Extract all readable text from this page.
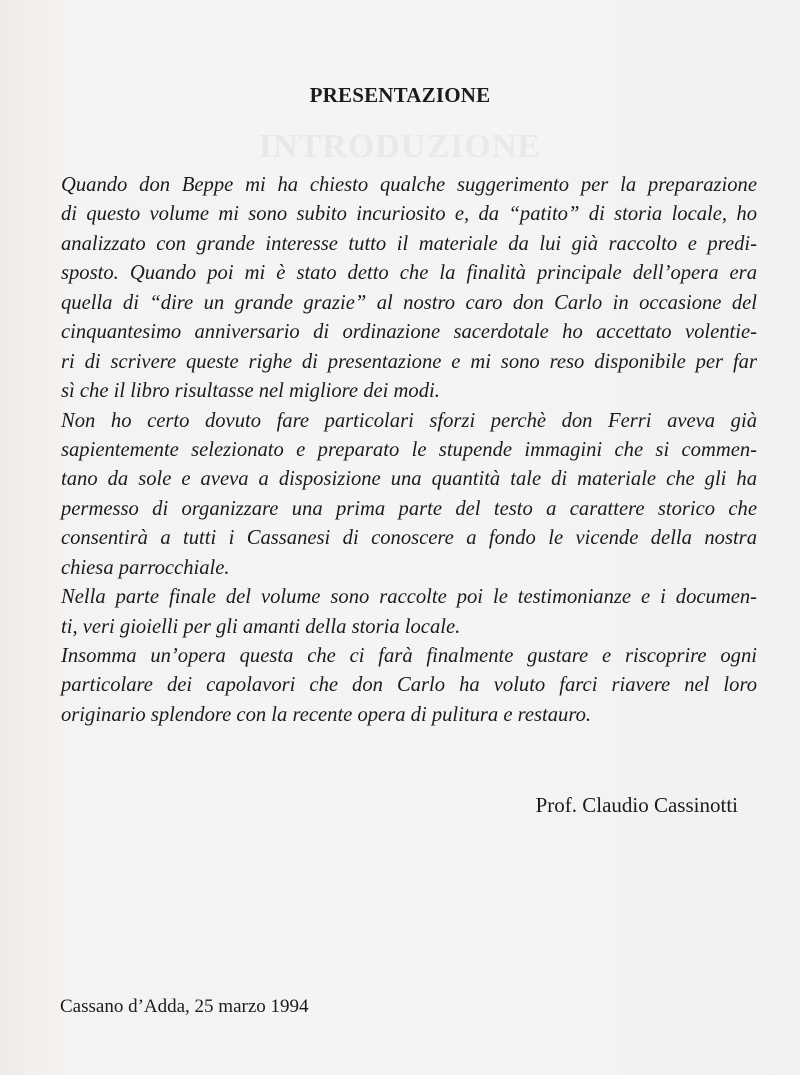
PRESENTAZIONE
Quando don Beppe mi ha chiesto qualche suggerimento per la preparazione
di questo volume mi sono subito incuriosito e, da “patito” di storia locale, ho
analizzato con grande interesse tutto il materiale da lui già raccolto e predi-
sposto. Quando poi mi è stato detto che la finalità principale dell’opera era
quella di “dire un grande grazie” al nostro caro don Carlo in occasione del
cinquantesimo anniversario di ordinazione sacerdotale ho accettato volentie-
ri di scrivere queste righe di presentazione e mi sono reso disponibile per far
sì che il libro risultasse nel migliore dei modi.
Non ho certo dovuto fare particolari sforzi perchè don Ferri aveva già
sapientemente selezionato e preparato le stupende immagini che si commen-
tano da sole e aveva a disposizione una quantità tale di materiale che gli ha
permesso di organizzare una prima parte del testo a carattere storico che
consentirà a tutti i Cassanesi di conoscere a fondo le vicende della nostra
chiesa parrocchiale.
Nella parte finale del volume sono raccolte poi le testimonianze e i documen-
ti, veri gioielli per gli amanti della storia locale.
Insomma un’opera questa che ci farà finalmente gustare e riscoprire ogni
particolare dei capolavori che don Carlo ha voluto farci riavere nel loro
originario splendore con la recente opera di pulitura e restauro.
Prof. Claudio Cassinotti
Cassano d’Adda, 25 marzo 1994
